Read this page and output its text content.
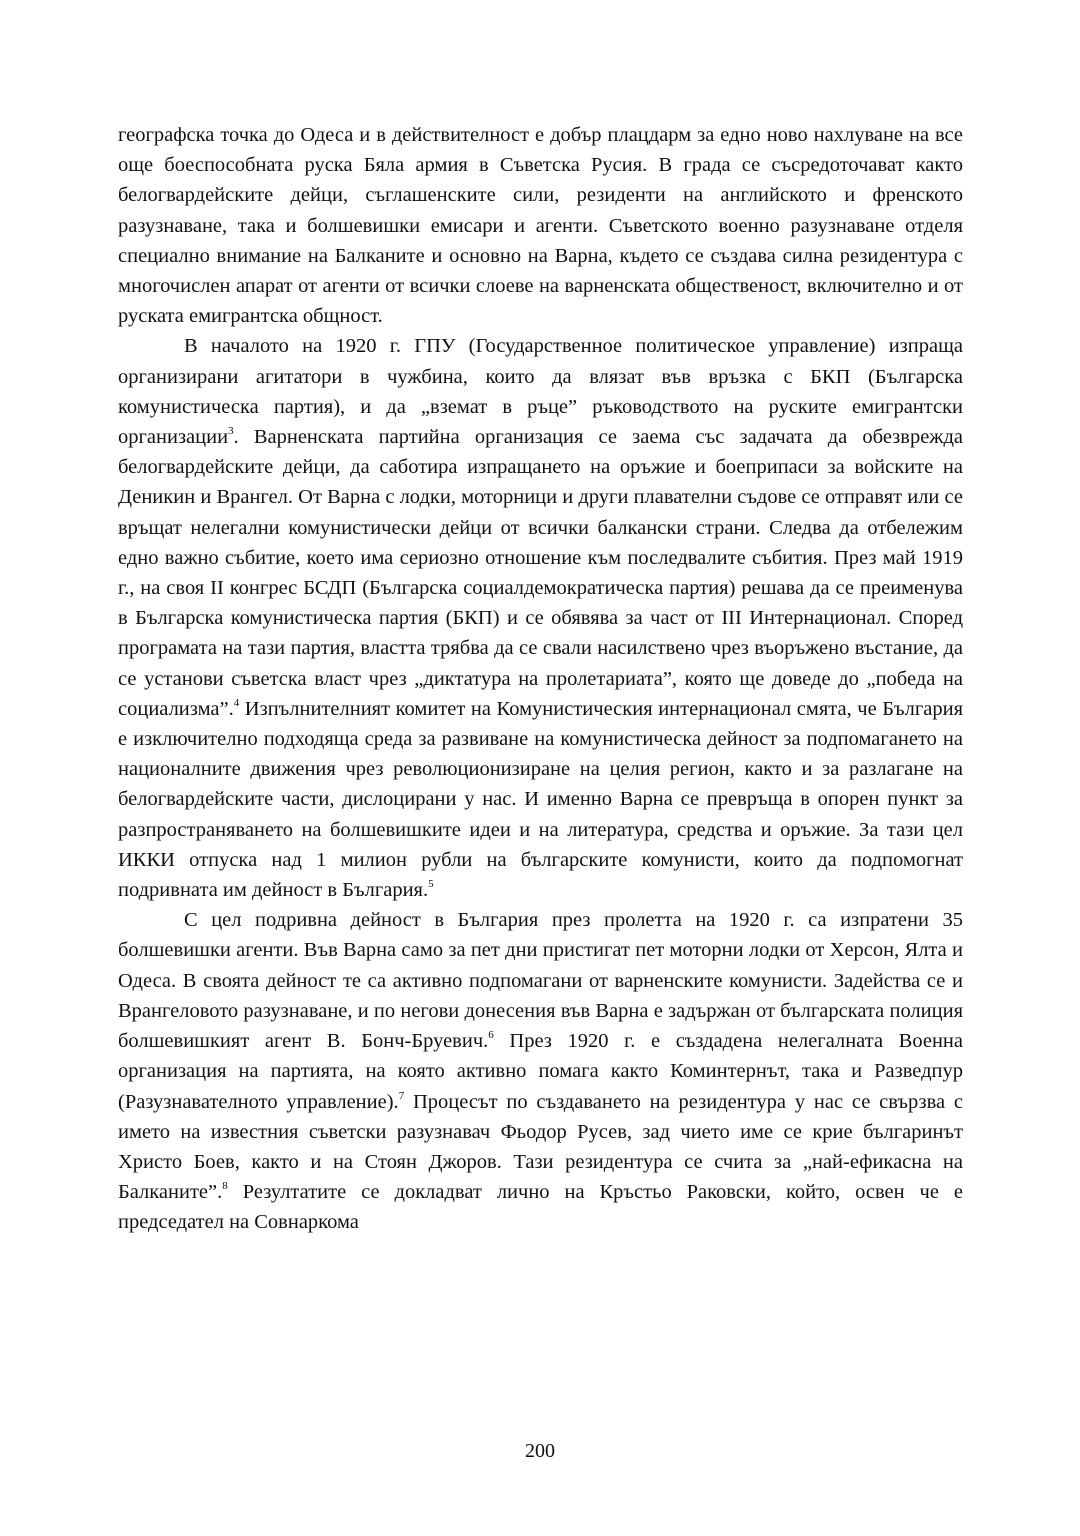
географска точка до Одеса и в действителност е добър плацдарм за едно ново нахлуване на все още боеспособната руска Бяла армия в Съветска Русия. В града се съсредоточават както белогвардейските дейци, съглашенските сили, резиденти на английското и френското разузнаване, така и болшевишки емисари и агенти. Съветското военно разузнаване отделя специално внимание на Балканите и основно на Варна, където се създава силна резидентура с многочислен апарат от агенти от всички слоеве на варненската общественост, включително и от руската емигрантска общност.

В началото на 1920 г. ГПУ (Государственное политическое управление) изпраща организирани агитатори в чужбина, които да влязат във връзка с БКП (Българска комунистическа партия), и да „вземат в ръце” ръководството на руските емигрантски организации$^3$. Варненската партийна организация се заема със задачата да обезврежда белогвардейските дейци, да саботира изпращането на оръжие и боеприпаси за войските на Деникин и Врангел. От Варна с лодки, моторници и други плавателни съдове се отправят или се връщат нелегални комунистически дейци от всички балкански страни. Следва да отбележим едно важно събитие, което има сериозно отношение към последвалите събития. През май 1919 г., на своя II конгрес БСДП (Българска социалдемократическа партия) решава да се преименува в Българска комунистическа партия (БКП) и се обявява за част от III Интернационал. Според програмата на тази партия, властта трябва да се свали насилствено чрез въоръжено въстание, да се установи съветска власт чрез „диктатура на пролетариата”, която ще доведе до „победа на социализма”.$^4$ Изпълнителният комитет на Комунистическия интернационал смята, че България е изключително подходяща среда за развиване на комунистическа дейност за подпомагането на националните движения чрез революционизиране на целия регион, както и за разлагане на белогвардейските части, дислоцирани у нас. И именно Варна се превръща в опорен пункт за разпространяването на болшевишките идеи и на литература, средства и оръжие. За тази цел ИККИ отпуска над 1 милион рубли на българските комунисти, които да подпомогнат подривната им дейност в България.$^5$

С цел подривна дейност в България през пролетта на 1920 г. са изпратени 35 болшевишки агенти. Във Варна само за пет дни пристигат пет моторни лодки от Херсон, Ялта и Одеса. В своята дейност те са активно подпомагани от варненските комунисти. Задейства се и Врангеловото разузнаване, и по негови донесения във Варна е задържан от българската полиция болшевишкият агент В. Бонч-Бруевич.$^6$ През 1920 г. е създадена нелегалната Военна организация на партията, на която активно помага както Коминтернът, така и Разведпур (Разузнавателното управление).$^7$ Процесът по създаването на резидентура у нас се свързва с името на известния съветски разузнавач Фьодор Русев, зад чието име се крие българинът Христо Боев, както и на Стоян Джоров. Тази резидентура се счита за „най-ефикасна на Балканите”.$^8$ Резултатите се докладват лично на Кръстьо Раковски, който, освен че е председател на Совнаркома

200
